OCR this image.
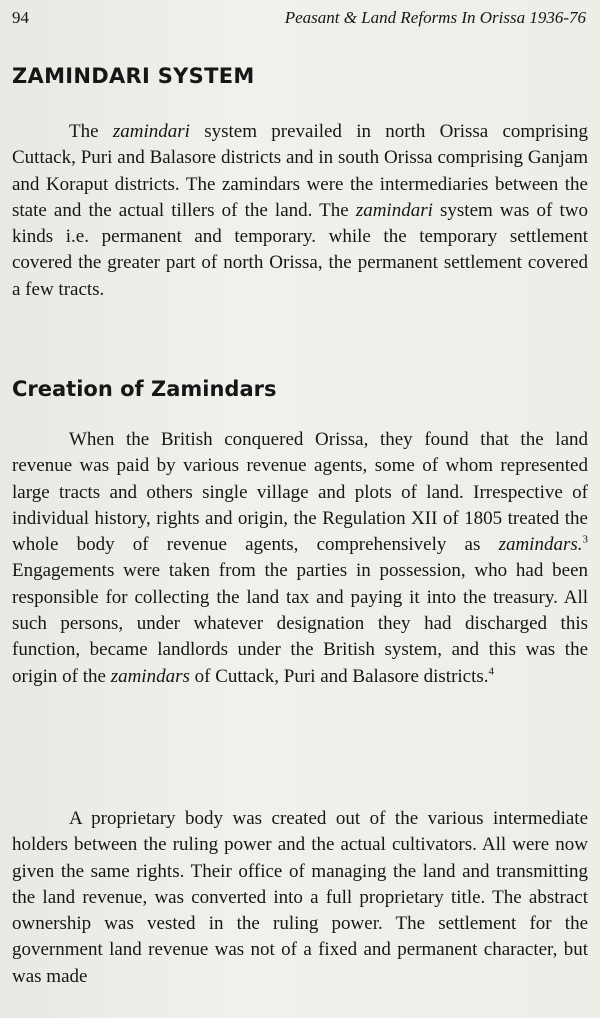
94	Peasant & Land Reforms In Orissa 1936-76
ZAMINDARI SYSTEM

The zamindari system prevailed in north Orissa comprising Cuttack, Puri and Balasore districts and in south Orissa comprising Ganjam and Koraput districts. The zamindars were the intermediaries between the state and the actual tillers of the land. The zamindari system was of two kinds i.e. permanent and temporary. while the temporary settlement covered the greater part of north Orissa, the permanent settlement covered a few tracts.

Creation of Zamindars

When the British conquered Orissa, they found that the land revenue was paid by various revenue agents, some of whom represented large tracts and others single village and plots of land. Irrespective of individual history, rights and origin, the Regulation XII of 1805 treated the whole body of revenue agents, comprehensively as zamindars.$^3$ Engagements were taken from the parties in possession, who had been responsible for collecting the land tax and paying it into the treasury. All such persons, under whatever designation they had discharged this function, became landlords under the British system, and this was the origin of the zamindars of Cuttack, Puri and Balasore districts.$^4$

A proprietary body was created out of the various intermediate holders between the ruling power and the actual cultivators. All were now given the same rights. Their office of managing the land and transmitting the land revenue, was converted into a full proprietary title. The abstract ownership was vested in the ruling power. The settlement for the government land revenue was not of a fixed and permanent character, but was made
